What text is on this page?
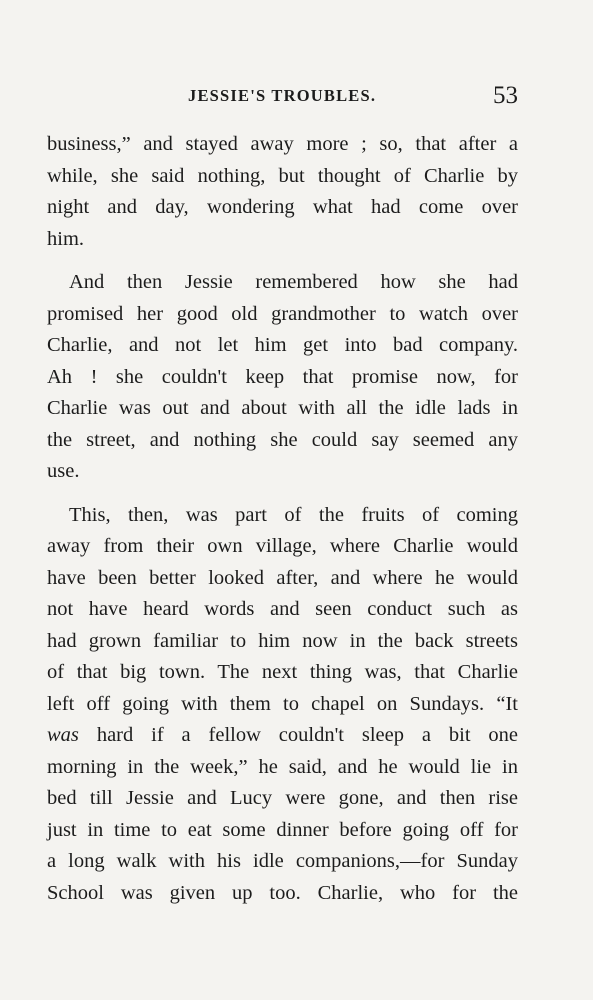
JESSIE'S TROUBLES.	53
business,” and stayed away more ; so, that after a
while, she said nothing, but thought of Charlie by
night and day, wondering what had come over
him.
And then Jessie remembered how she had
promised her good old grandmother to watch over
Charlie, and not let him get into bad company.
Ah ! she couldn't keep that promise now, for
Charlie was out and about with all the idle lads in
the street, and nothing she could say seemed any
use.
This, then, was part of the fruits of coming
away from their own village, where Charlie would
have been better looked after, and where he would
not have heard words and seen conduct such as
had grown familiar to him now in the back streets
of that big town. The next thing was, that Charlie
left off going with them to chapel on Sundays. “It
was hard if a fellow couldn't sleep a bit one
morning in the week,” he said, and he would lie in
bed till Jessie and Lucy were gone, and then rise
just in time to eat some dinner before going off for
a long walk with his idle companions,—for Sunday
School was given up too. Charlie, who for the
